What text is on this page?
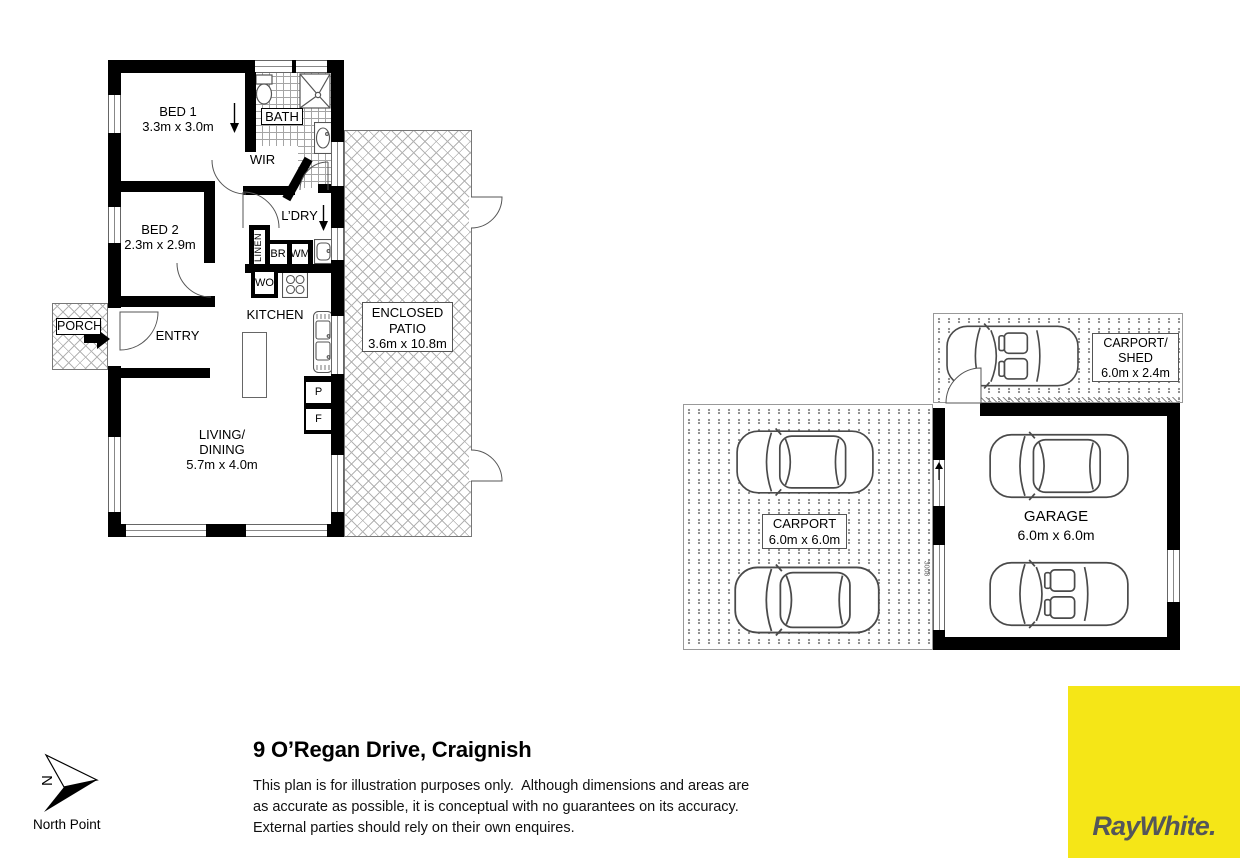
P
F
WO
BED 1
3.3m x 3.0m
BED 2
2.3m x 2.9m
BATH
WIR
L’DRY
LINEN BR WM
PORCH
ENTRY
KITCHEN
LIVING/
DINING
5.7m x 4.0m
ENCLOSED
PATIO
3.6m x 10.8m
3008
CARPORT/
SHED
6.0m x 2.4m
CARPORT
6.0m x 6.0m
GARAGE
6.0m x 6.0m
N
North Point
9 O’Regan Drive, Craignish
This plan is for illustration purposes only.  Although dimensions and areas are
as accurate as possible, it is conceptual with no guarantees on its accuracy.
External parties should rely on their own enquires.	RayWhite.
